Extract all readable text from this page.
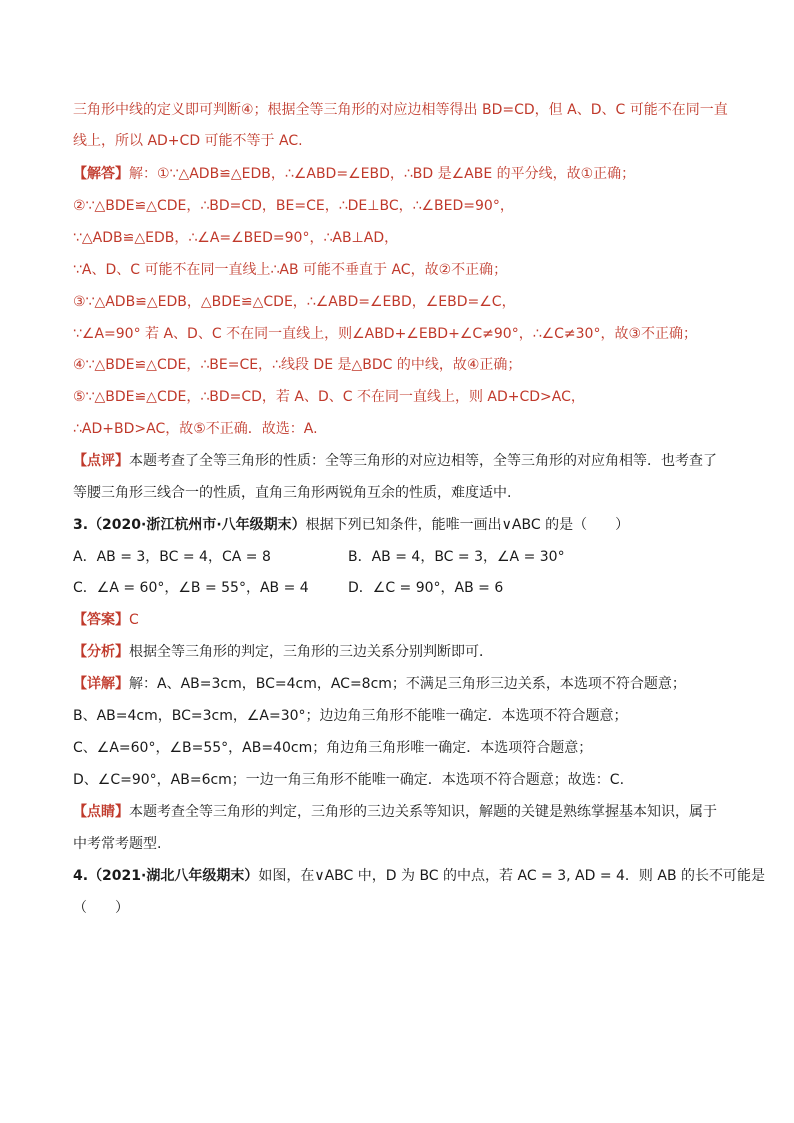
三角形中线的定义即可判断④；根据全等三角形的对应边相等得出 BD=CD，但 A、D、C 可能不在同一直
线上，所以 AD+CD 可能不等于 AC.
【解答】解：①∵△ADB≌△EDB，∴∠ABD=∠EBD，∴BD 是∠ABE 的平分线，故①正确；
②∵△BDE≌△CDE，∴BD=CD，BE=CE，∴DE⊥BC，∴∠BED=90°，
∵△ADB≌△EDB，∴∠A=∠BED=90°，∴AB⊥AD，
∵A、D、C 可能不在同一直线上∴AB 可能不垂直于 AC，故②不正确；
③∵△ADB≌△EDB，△BDE≌△CDE，∴∠ABD=∠EBD，∠EBD=∠C，
∵∠A=90° 若 A、D、C 不在同一直线上，则∠ABD+∠EBD+∠C≠90°，∴∠C≠30°，故③不正确；
④∵△BDE≌△CDE，∴BE=CE，∴线段 DE 是△BDC 的中线，故④正确；
⑤∵△BDE≌△CDE，∴BD=CD，若 A、D、C 不在同一直线上，则 AD+CD>AC，
∴AD+BD>AC，故⑤不正确．故选：A.
【点评】本题考查了全等三角形的性质：全等三角形的对应边相等，全等三角形的对应角相等．也考查了
等腰三角形三线合一的性质，直角三角形两锐角互余的性质，难度适中.
3.（2020·浙江杭州市·八年级期末）根据下列已知条件，能唯一画出∨ABC 的是（　　）
A．AB = 3，BC = 4，CA = 8	B．AB = 4，BC = 3，∠A = 30°
C．∠A = 60°，∠B = 55°，AB = 4	D．∠C = 90°，AB = 6
【答案】C
【分析】根据全等三角形的判定，三角形的三边关系分别判断即可．
【详解】解：A、AB=3cm，BC=4cm，AC=8cm；不满足三角形三边关系，本选项不符合题意；
B、AB=4cm，BC=3cm，∠A=30°；边边角三角形不能唯一确定．本选项不符合题意；
C、∠A=60°，∠B=55°，AB=40cm；角边角三角形唯一确定．本选项符合题意；
D、∠C=90°，AB=6cm；一边一角三角形不能唯一确定．本选项不符合题意；故选：C.
【点睛】本题考查全等三角形的判定，三角形的三边关系等知识，解题的关键是熟练掌握基本知识，属于
中考常考题型.
4.（2021·湖北八年级期末）如图，在∨ABC 中，D 为 BC 的中点，若 AC = 3, AD = 4．则 AB 的长不可能是
（　　）
